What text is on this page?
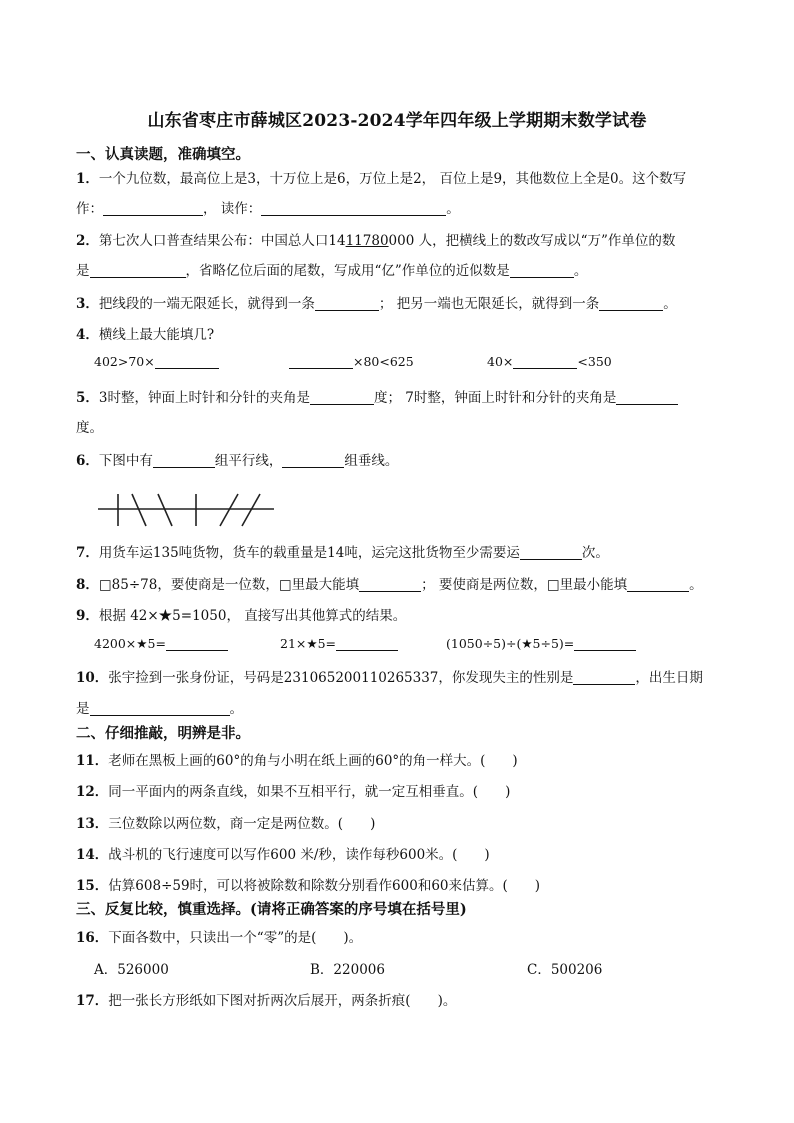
山东省枣庄市薛城区2023-2024学年四年级上学期期末数学试卷
一、认真读题，准确填空。
1．一个九位数，最高位上是3，十万位上是6，万位上是2， 百位上是9，其他数位上全是0。这个数写
作：	， 读作：	。
2．第七次人口普查结果公布：中国总人口1411780000 人，把横线上的数改写成以“万”作单位的数
是	，省略亿位后面的尾数，写成用“亿”作单位的近似数是	。
3．把线段的一端无限延长，就得到一条	； 把另一端也无限延长，就得到一条	。
4．横线上最大能填几?
402>70×	×80<625	40×	<350
5．3时整，钟面上时针和分针的夹角是	度； 7时整，钟面上时针和分针的夹角是
度。
6．下图中有	组平行线，	组垂线。
7．用货车运135吨货物，货车的载重量是14吨，运完这批货物至少需要运	次。
8．□85÷78，要使商是一位数，□里最大能填	； 要使商是两位数，□里最小能填	。
9．根据 42×★5=1050， 直接写出其他算式的结果。
4200×★5=	21×★5=	(1050÷5)÷(★5÷5)=
10．张宇捡到一张身份证，号码是231065200110265337，你发现失主的性别是	，出生日期
是	。
二、仔细推敲，明辨是非。
11．老师在黑板上画的60°的角与小明在纸上画的60°的角一样大。(　　)
12．同一平面内的两条直线，如果不互相平行，就一定互相垂直。(　　)
13．三位数除以两位数，商一定是两位数。(　　)
14．战斗机的飞行速度可以写作600 米/秒，读作每秒600米。(　　)
15．估算608÷59时，可以将被除数和除数分别看作600和60来估算。(　　)
三、反复比较，慎重选择。(请将正确答案的序号填在括号里)
16．下面各数中，只读出一个“零”的是(　　)。
A．526000	B．220006	C．500206
17．把一张长方形纸如下图对折两次后展开，两条折痕(　　)。
